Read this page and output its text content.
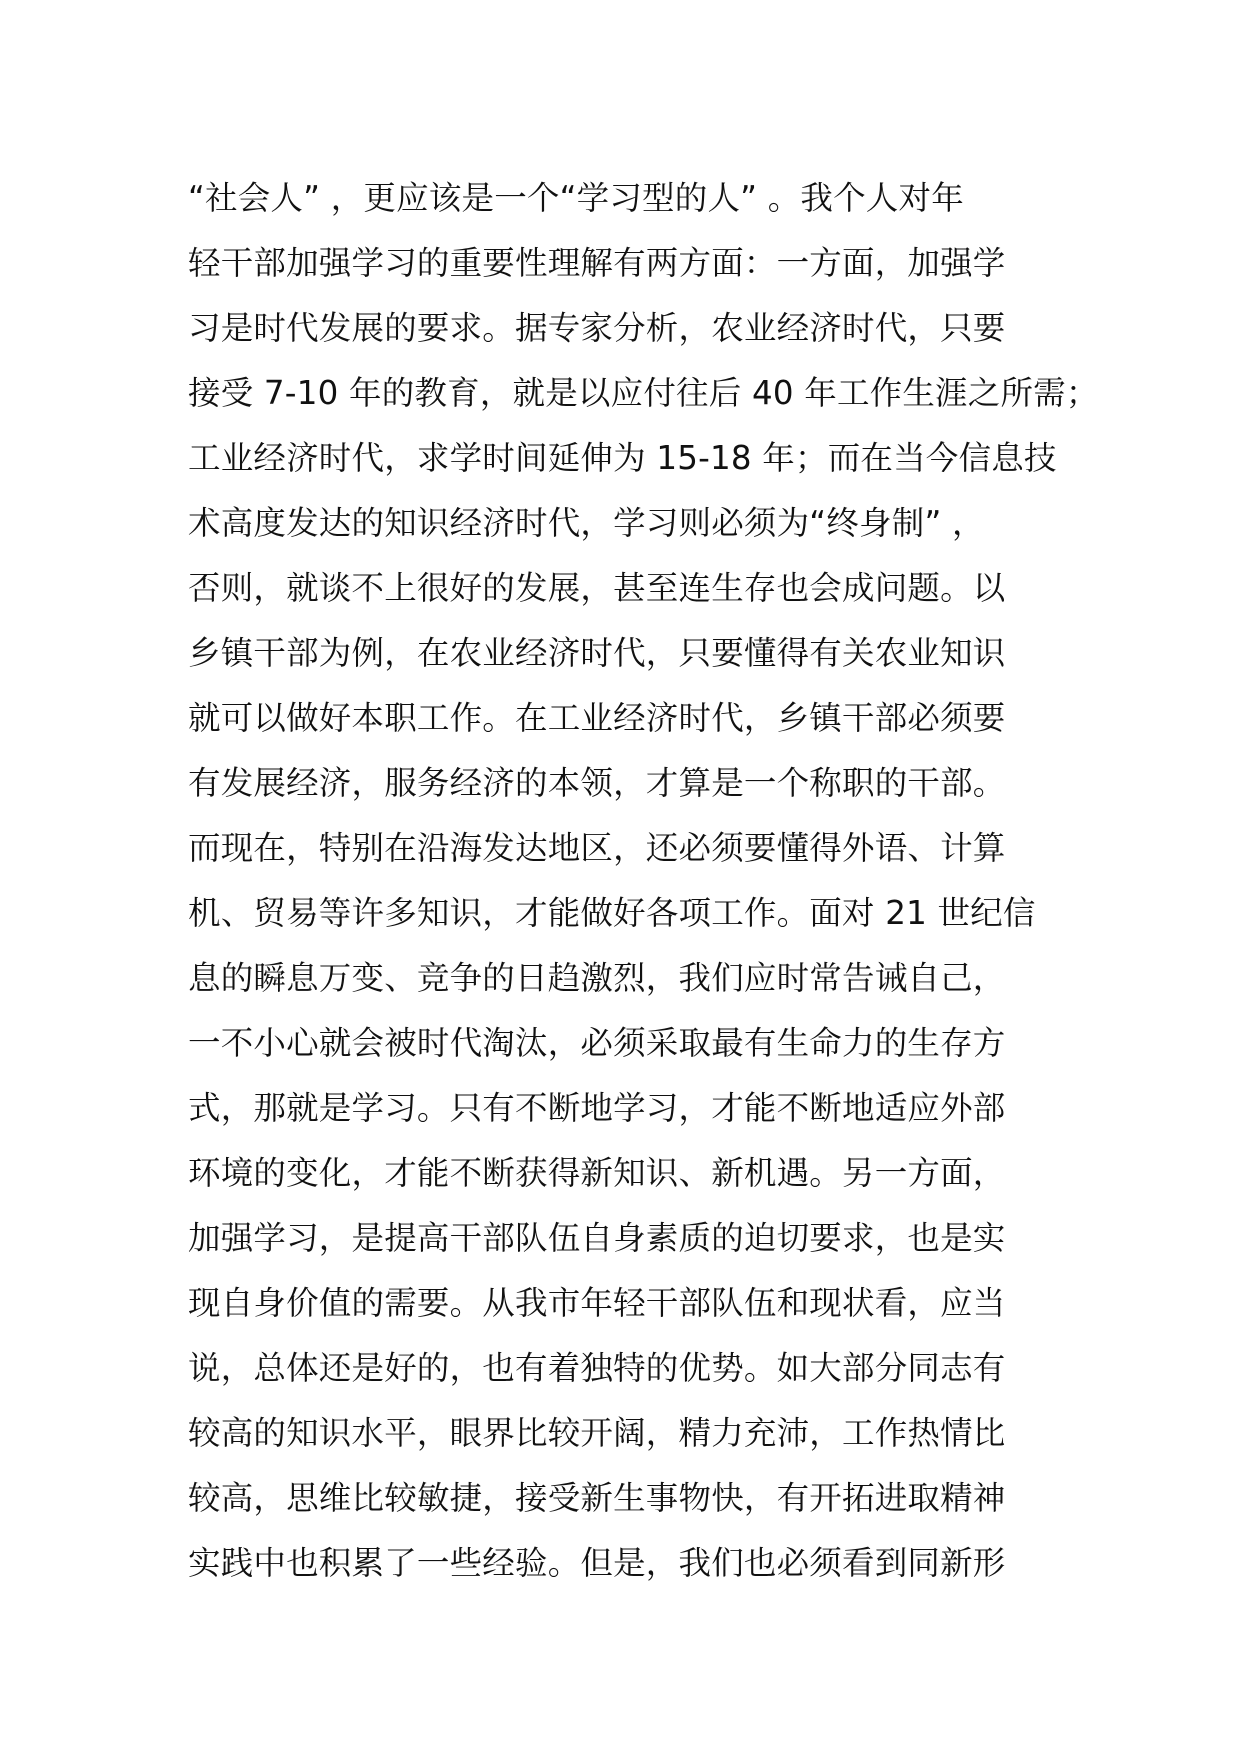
“社会人” ，更应该是一个“学习型的人” 。我个人对年
轻干部加强学习的重要性理解有两方面：一方面，加强学
习是时代发展的要求。据专家分析，农业经济时代，只要
接受 7-10 年的教育，就是以应付往后 40 年工作生涯之所需；
工业经济时代，求学时间延伸为 15-18 年；而在当今信息技
术高度发达的知识经济时代，学习则必须为“终身制” ，
否则，就谈不上很好的发展，甚至连生存也会成问题。以
乡镇干部为例，在农业经济时代，只要懂得有关农业知识
就可以做好本职工作。在工业经济时代，乡镇干部必须要
有发展经济，服务经济的本领，才算是一个称职的干部。
而现在，特别在沿海发达地区，还必须要懂得外语、计算
机、贸易等许多知识，才能做好各项工作。面对 21 世纪信
息的瞬息万变、竞争的日趋激烈，我们应时常告诫自己，
一不小心就会被时代淘汰，必须采取最有生命力的生存方
式，那就是学习。只有不断地学习，才能不断地适应外部
环境的变化，才能不断获得新知识、新机遇。另一方面，
加强学习，是提高干部队伍自身素质的迫切要求，也是实
现自身价值的需要。从我市年轻干部队伍和现状看，应当
说，总体还是好的，也有着独特的优势。如大部分同志有
较高的知识水平，眼界比较开阔，精力充沛，工作热情比
较高，思维比较敏捷，接受新生事物快，有开拓进取精神
实践中也积累了一些经验。但是，我们也必须看到同新形
